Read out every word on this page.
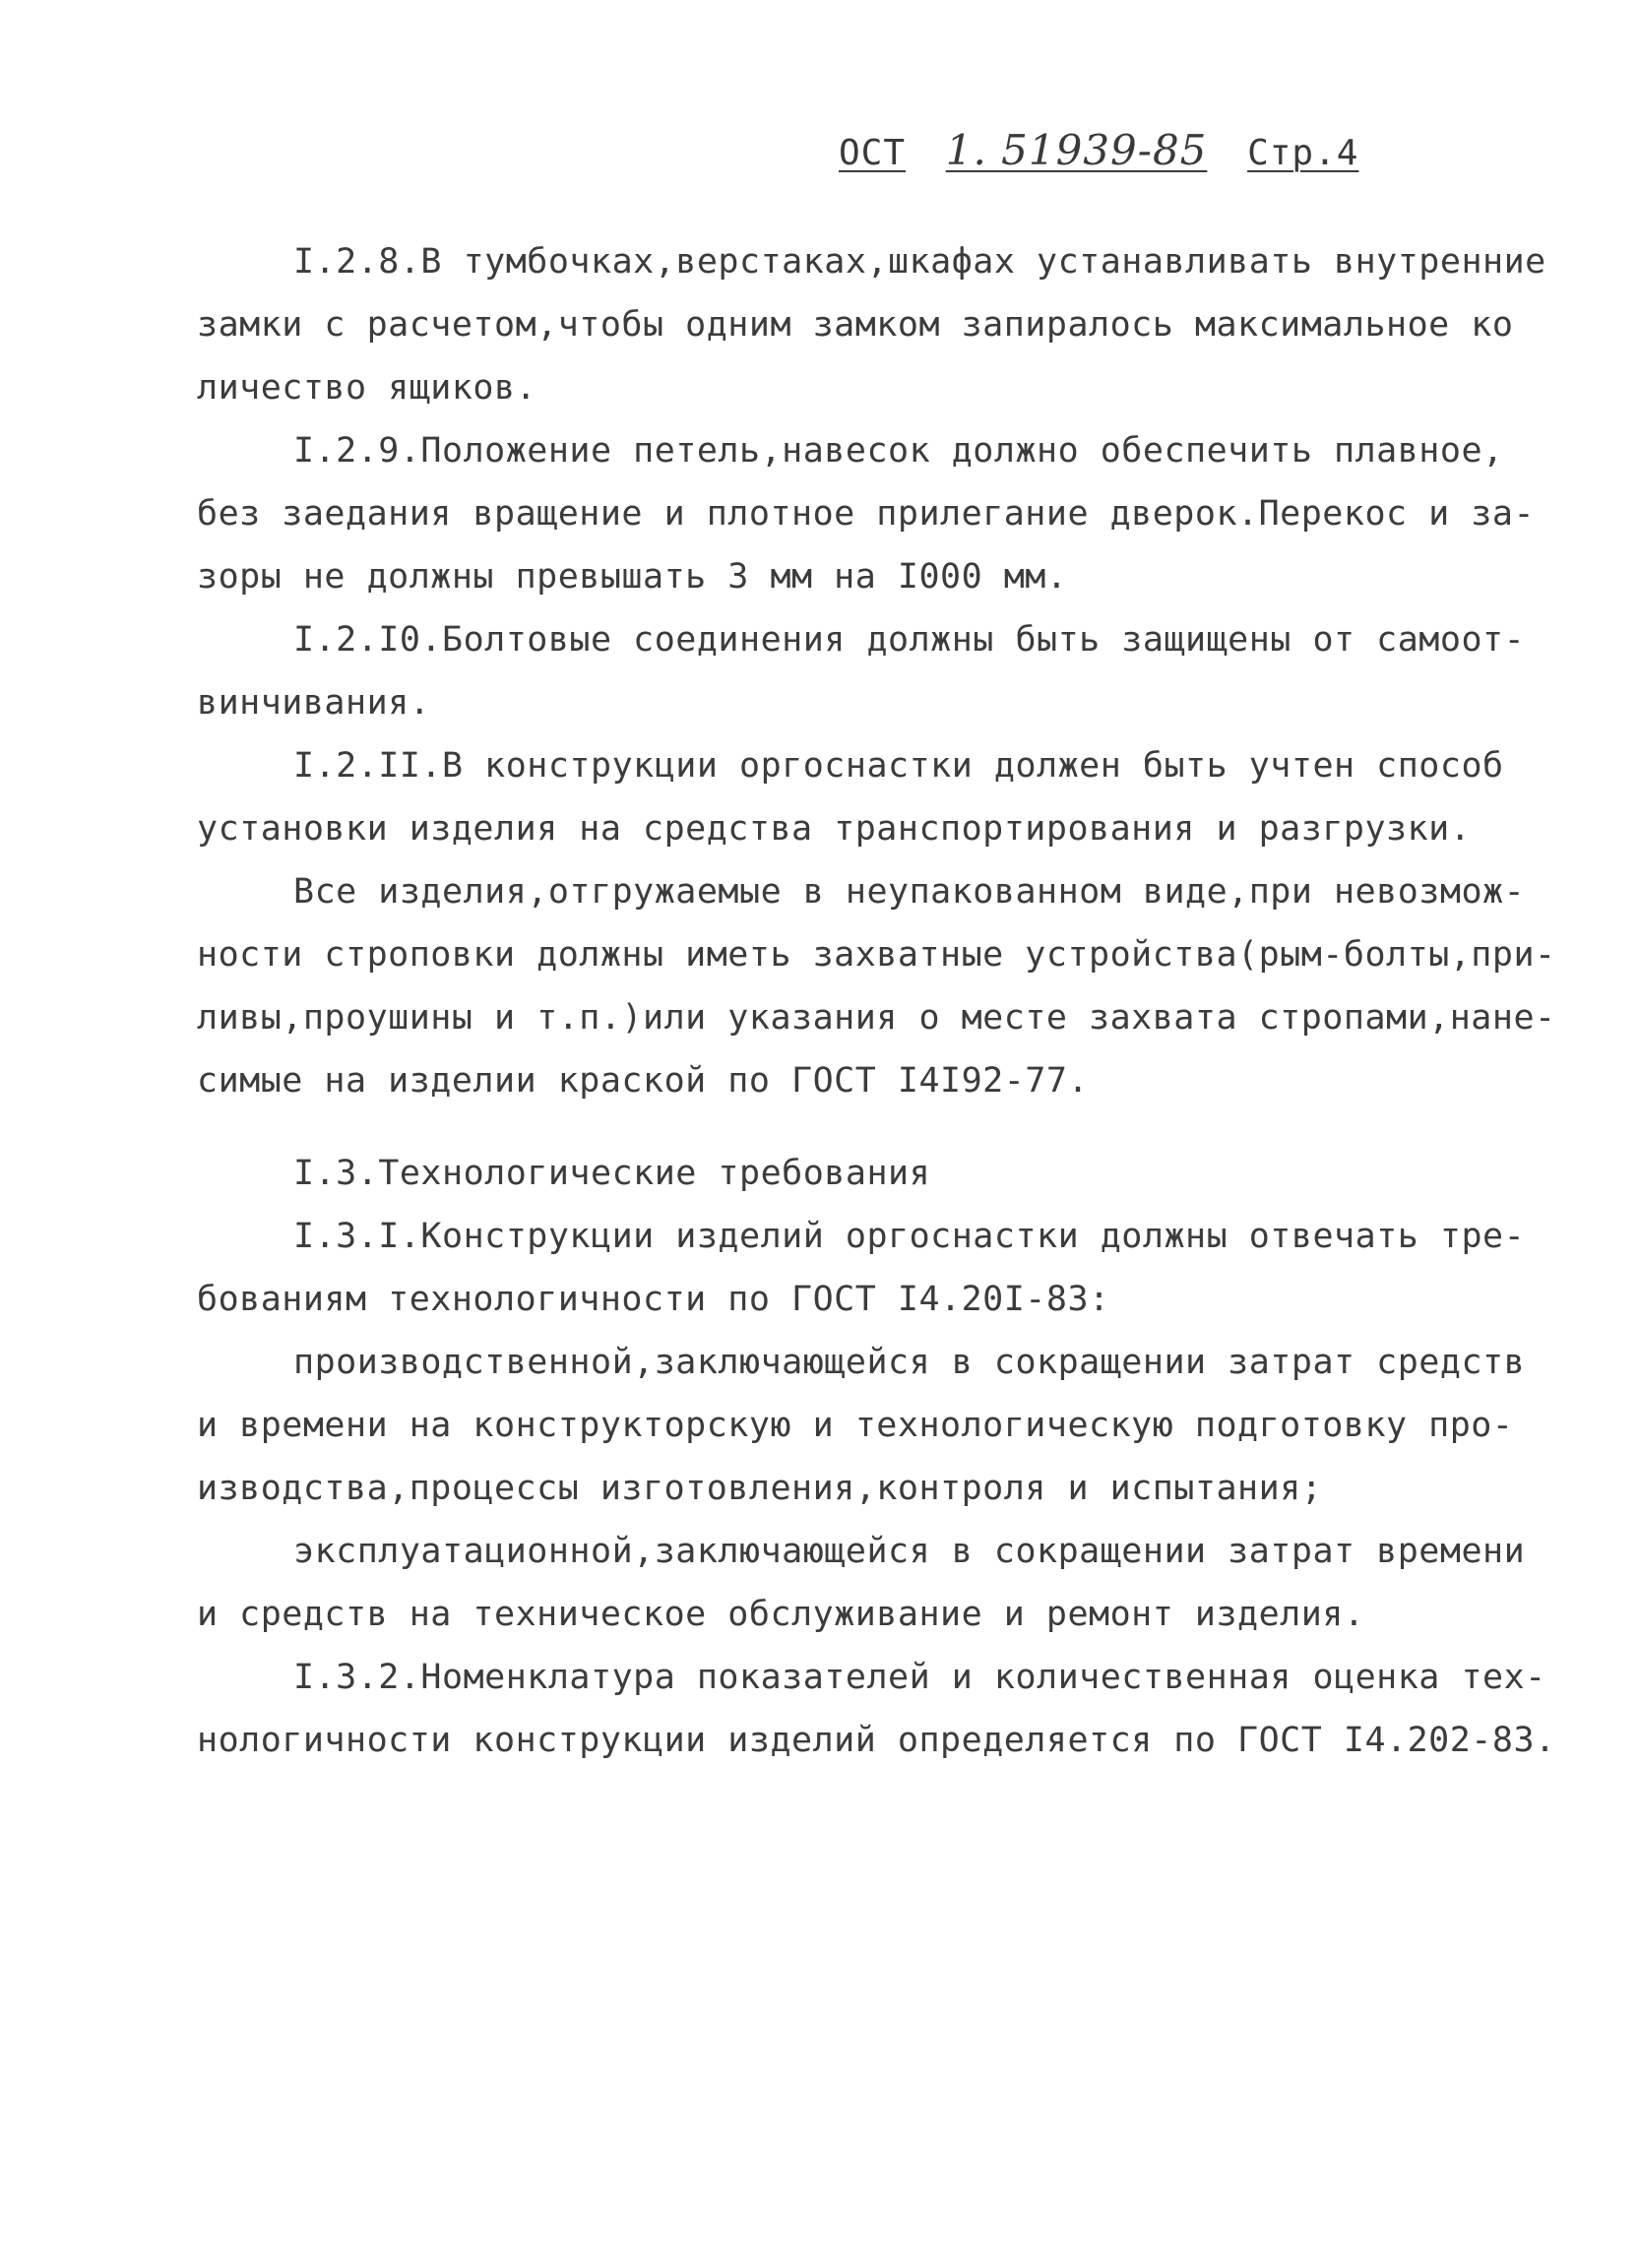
ОСТ 1. 51939-85 Стр.4
I.2.8.В тумбочках,верстаках,шкафах устанавливать внутренние
замки с расчетом,чтобы одним замком запиралось максимальное ко
личество ящиков.
I.2.9.Положение петель,навесок должно обеспечить плавное,
без заедания вращение и плотное прилегание дверок.Перекос и за-
зоры не должны превышать 3 мм на I000 мм.
I.2.I0.Болтовые соединения должны быть защищены от самоот-
винчивания.
I.2.II.В конструкции оргоснастки должен быть учтен способ
установки изделия на средства транспортирования и разгрузки.
Все изделия,отгружаемые в неупакованном виде,при невозмож-
ности строповки должны иметь захватные устройства(рым-болты,при-
ливы,проушины и т.п.)или указания о месте захвата стропами,нане-
симые на изделии краской по ГОСТ I4I92-77.
I.3.Технологические требования
I.3.I.Конструкции изделий оргоснастки должны отвечать тре-
бованиям технологичности по ГОСТ I4.20I-83:
производственной,заключающейся в сокращении затрат средств
и времени на конструкторскую и технологическую подготовку про-
изводства,процессы изготовления,контроля и испытания;
эксплуатационной,заключающейся в сокращении затрат времени
и средств на техническое обслуживание и ремонт изделия.
I.3.2.Номенклатура показателей и количественная оценка тех-
нологичности конструкции изделий определяется по ГОСТ I4.202-83.
